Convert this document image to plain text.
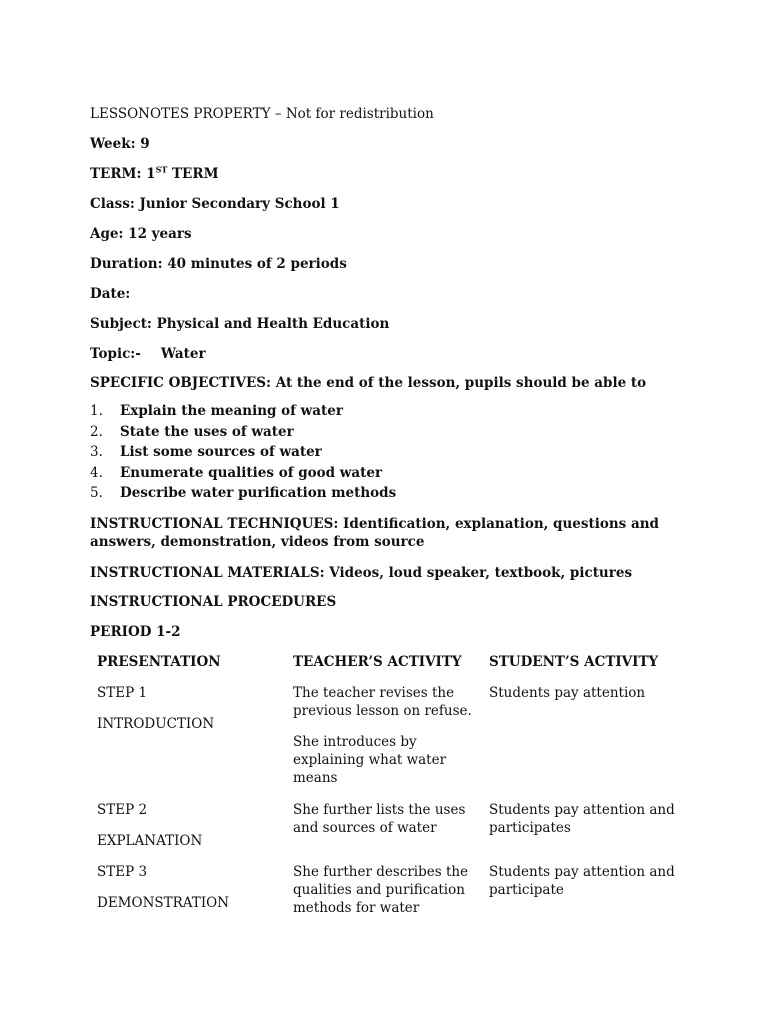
LESSONOTES PROPERTY – Not for redistribution
Week: 9
TERM: 1ST TERM
Class: Junior Secondary School 1
Age: 12 years
Duration: 40 minutes of 2 periods
Date:
Subject: Physical and Health Education
Topic:- Water
SPECIFIC OBJECTIVES: At the end of the lesson, pupils should be able to
1. Explain the meaning of water
2. State the uses of water
3. List some sources of water
4. Enumerate qualities of good water
5. Describe water purification methods
INSTRUCTIONAL TECHNIQUES: Identification, explanation, questions and answers, demonstration, videos from source
INSTRUCTIONAL MATERIALS: Videos, loud speaker, textbook, pictures
INSTRUCTIONAL PROCEDURES
PERIOD 1-2
PRESENTATION	TEACHER’S ACTIVITY	STUDENT’S ACTIVITY

STEP 1

INTRODUCTION

The teacher revises the previous lesson on refuse.

She introduces by explaining what water means

Students pay attention

STEP 2

EXPLANATION

She further lists the uses and sources of water

Students pay attention and participates

STEP 3

DEMONSTRATION

She further describes the qualities and purification methods for water

Students pay attention and participate
